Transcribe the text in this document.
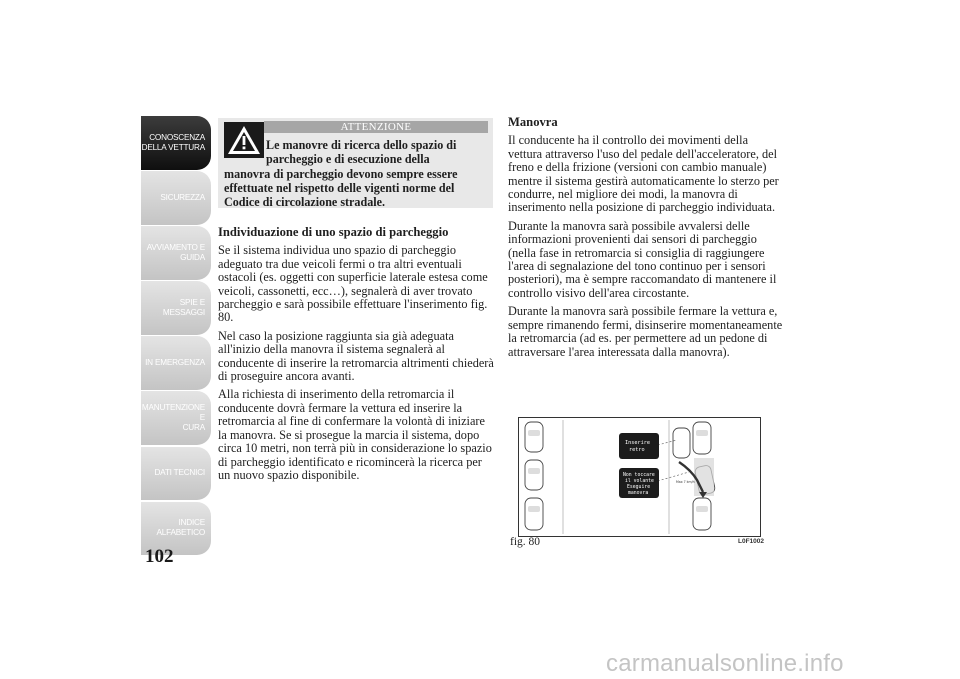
CONOSCENZA
DELLA VETTURA
SICUREZZA
AVVIAMENTO E
GUIDA
SPIE E MESSAGGI
IN EMERGENZA
MANUTENZIONE E
CURA
DATI TECNICI
INDICE
ALFABETICO
102
ATTENZIONE
Le manovre di ricerca dello spazio di
parcheggio e di esecuzione della
manovra di parcheggio devono sempre essere effettuate nel rispetto delle vigenti norme del Codice di circolazione stradale.
Individuazione di uno spazio di parcheggio

Se il sistema individua uno spazio di parcheggio adeguato tra due veicoli fermi o tra altri eventuali ostacoli (es. oggetti con superficie laterale estesa come veicoli, cassonetti, ecc…), segnalerà di aver trovato parcheggio e sarà possibile effettuare l'inserimento fig. 80.

Nel caso la posizione raggiunta sia già adeguata all'inizio della manovra il sistema segnalerà al conducente di inserire la retromarcia altrimenti chiederà di proseguire ancora avanti.

Alla richiesta di inserimento della retromarcia il conducente dovrà fermare la vettura ed inserire la retromarcia al fine di confermare la volontà di iniziare la manovra. Se si prosegue la marcia il sistema, dopo circa 10 metri, non terrà più in considerazione lo spazio di parcheggio identificato e ricomincerà la ricerca per un nuovo spazio disponibile.

Manovra

Il conducente ha il controllo dei movimenti della vettura attraverso l'uso del pedale dell'acceleratore, del freno e della frizione (versioni con cambio manuale) mentre il sistema gestirà automaticamente lo sterzo per condurre, nel migliore dei modi, la manovra di inserimento nella posizione di parcheggio individuata.

Durante la manovra sarà possibile avvalersi delle informazioni provenienti dai sensori di parcheggio (nella fase in retromarcia si consiglia di raggiungere l'area di segnalazione del tono continuo per i sensori posteriori), ma è sempre raccomandato di mantenere il controllo visivo dell'area circostante.

Durante la manovra sarà possibile fermare la vettura e, sempre rimanendo fermi, disinserire momentaneamente la retromarcia (ad es. per permettere ad un pedone di attraversare l'area interessata dalla manovra).

Inserire
retro
Non toccare
il volante
Eseguire
manovra
Max 7 km/h
fig. 80	L0F1002
carmanualsonline.info
